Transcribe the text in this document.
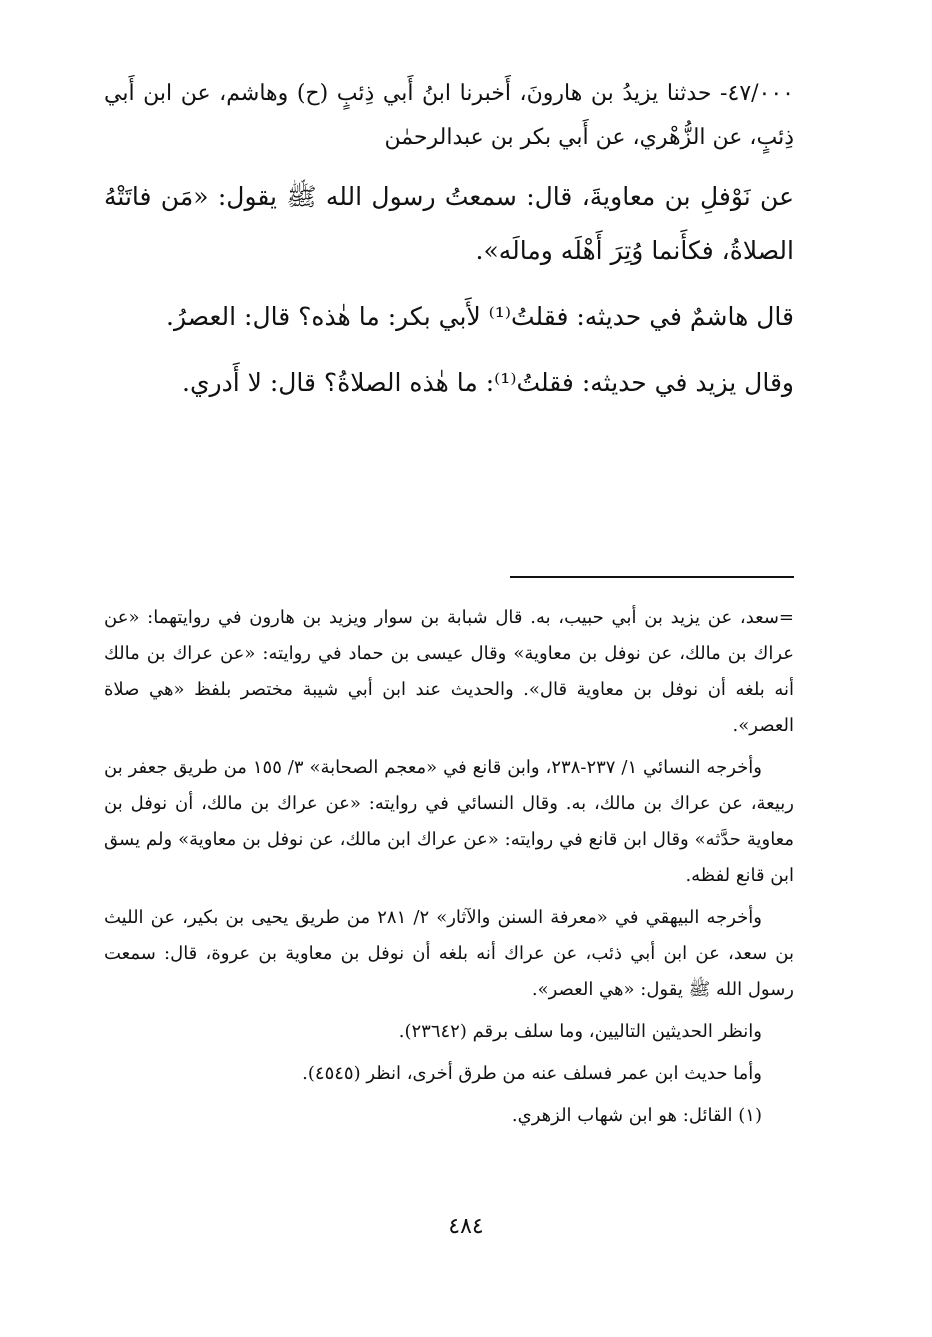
٤٧/٠٠٠- حدثنا يزيدُ بن هارونَ، أَخبرنا ابنُ أَبي ذِئبٍ (ح) وهاشم، عن ابن أَبي ذِئبٍ، عن الزُّهْري، عن أَبي بكر بن عبدالرحمٰن

عن نَوْفلِ بن معاويةَ، قال: سمعتُ رسول الله ﷺ يقول: «مَن فاتَتْهُ الصلاةُ، فكأَنما وُتِرَ أَهْلَه ومالَه».

قال هاشمٌ في حديثه: فقلتُ⁽¹⁾ لأَبي بكر: ما هٰذه؟ قال: العصرُ.

وقال يزيد في حديثه: فقلتُ⁽¹⁾: ما هٰذه الصلاةُ؟ قال: لا أَدري.

=سعد، عن يزيد بن أبي حبيب، به. قال شبابة بن سوار ويزيد بن هارون في روايتهما: «عن عراك بن مالك، عن نوفل بن معاوية» وقال عيسى بن حماد في روايته: «عن عراك بن مالك أنه بلغه أن نوفل بن معاوية قال». والحديث عند ابن أبي شيبة مختصر بلفظ «هي صلاة العصر».

وأخرجه النسائي ١/ ٢٣٧-٢٣٨، وابن قانع في «معجم الصحابة» ٣/ ١٥٥ من طريق جعفر بن ربيعة، عن عراك بن مالك، به. وقال النسائي في روايته: «عن عراك بن مالك، أن نوفل بن معاوية حدَّثه» وقال ابن قانع في روايته: «عن عراك ابن مالك، عن نوفل بن معاوية» ولم يسق ابن قانع لفظه.

وأخرجه البيهقي في «معرفة السنن والآثار» ٢/ ٢٨١ من طريق يحيى بن بكير، عن الليث بن سعد، عن ابن أبي ذئب، عن عراك أنه بلغه أن نوفل بن معاوية بن عروة، قال: سمعت رسول الله ﷺ يقول: «هي العصر».

وانظر الحديثين التاليين، وما سلف برقم (٢٣٦٤٢).

وأما حديث ابن عمر فسلف عنه من طرق أخرى، انظر (٤٥٤٥).

(١) القائل: هو ابن شهاب الزهري.

٤٨٤
